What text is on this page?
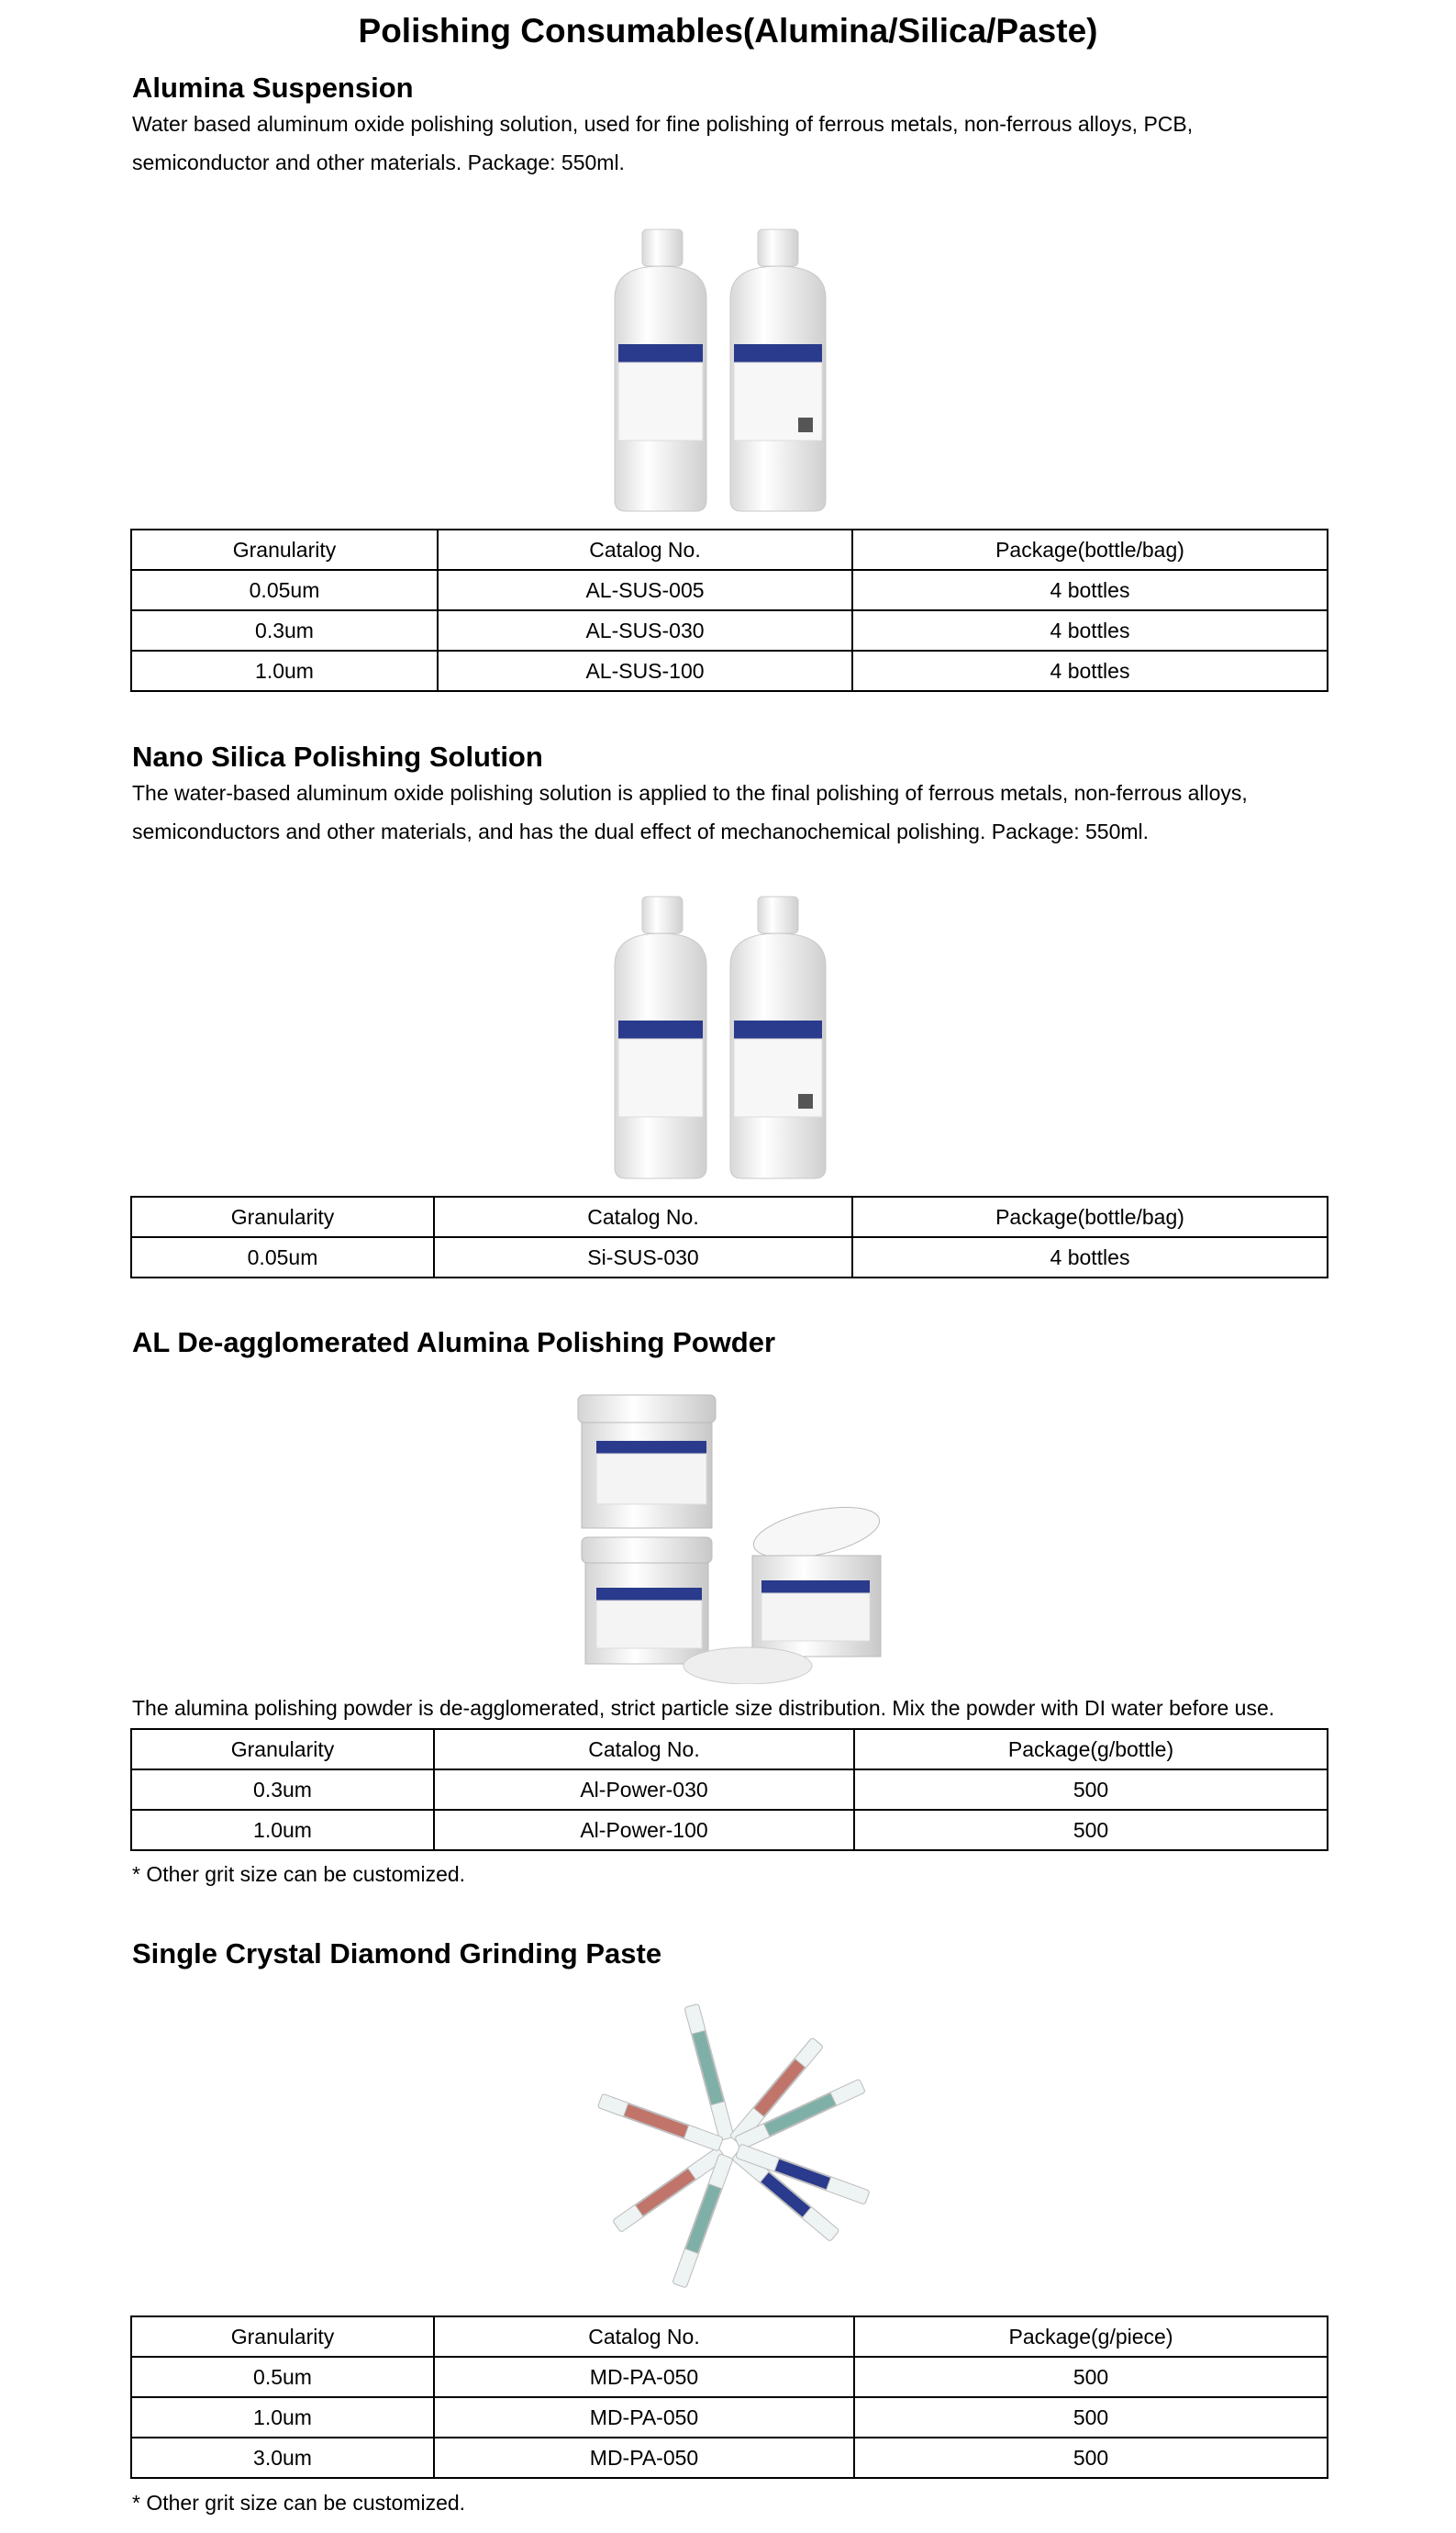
Polishing Consumables(Alumina/Silica/Paste)
Alumina Suspension

Water based aluminum oxide polishing solution, used for fine polishing of ferrous metals, non-ferrous alloys, PCB, semiconductor and other materials. Package: 550ml.

Granularity	Catalog No.	Package(bottle/bag)
0.05um	AL-SUS-005	4 bottles
0.3um	AL-SUS-030	4 bottles
1.0um	AL-SUS-100	4 bottles
Nano Silica Polishing Solution

The water-based aluminum oxide polishing solution is applied to the final polishing of ferrous metals, non-ferrous alloys, semiconductors and other materials, and has the dual effect of mechanochemical polishing. Package: 550ml.

Granularity	Catalog No.	Package(bottle/bag)
0.05um	Si-SUS-030	4 bottles
AL De-agglomerated Alumina Polishing Powder

The alumina polishing powder is de-agglomerated, strict particle size distribution. Mix the powder with DI water before use.

Granularity	Catalog No.	Package(g/bottle)
0.3um	Al-Power-030	500
1.0um	Al-Power-100	500

* Other grit size can be customized.

Single Crystal Diamond Grinding Paste
Granularity	Catalog No.	Package(g/piece)
0.5um	MD-PA-050	500
1.0um	MD-PA-050	500
3.0um	MD-PA-050	500

* Other grit size can be customized.
